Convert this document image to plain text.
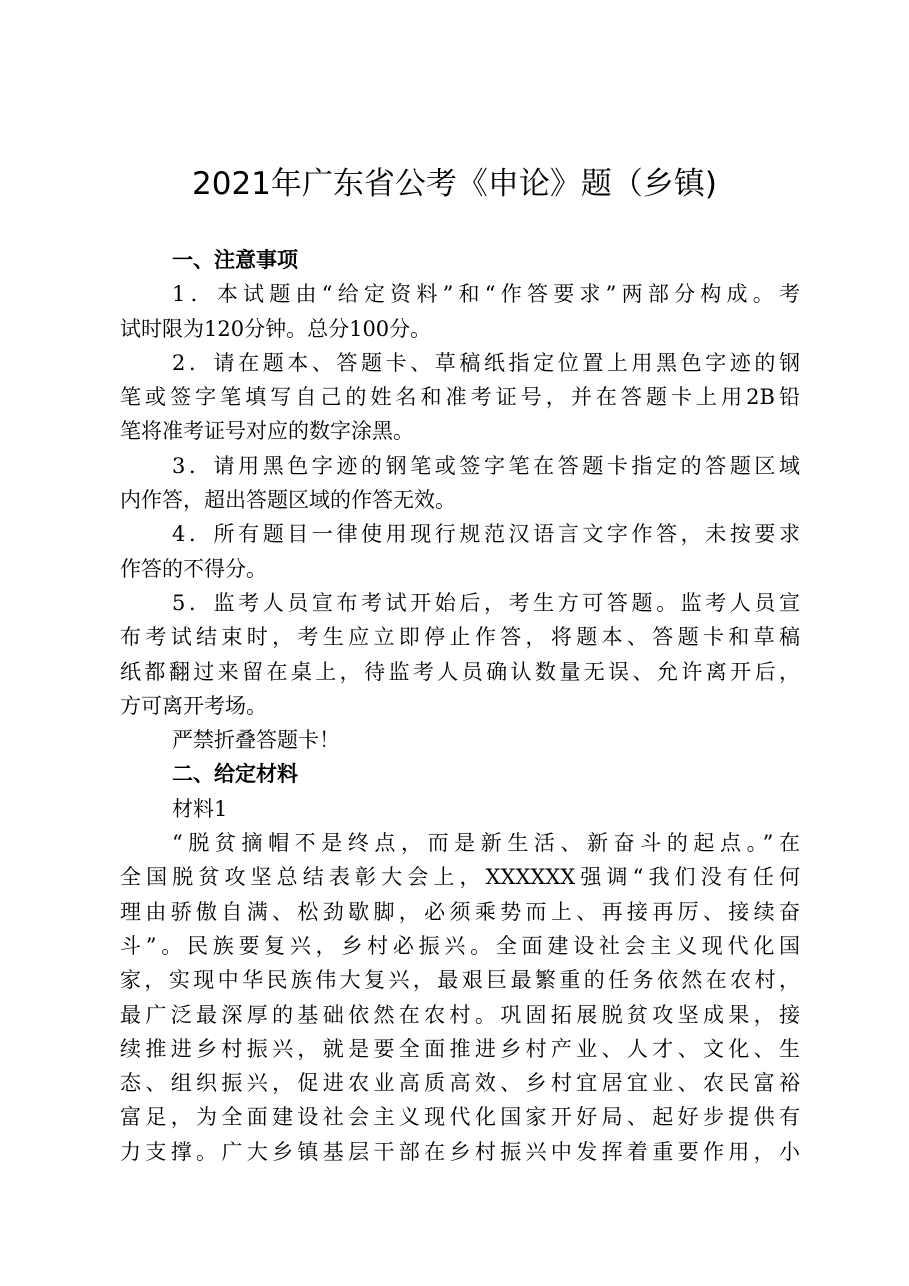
2021年广东省公考《申论》题（乡镇)
一、注意事项
1．本试题由“给定资料”和“作答要求”两部分构成。考
试时限为120分钟。总分100分。
2．请在题本、答题卡、草稿纸指定位置上用黑色字迹的钢
笔或签字笔填写自己的姓名和准考证号，并在答题卡上用2B铅
笔将准考证号对应的数字涂黑。
3．请用黑色字迹的钢笔或签字笔在答题卡指定的答题区域
内作答，超出答题区域的作答无效。
4．所有题目一律使用现行规范汉语言文字作答，未按要求
作答的不得分。
5．监考人员宣布考试开始后，考生方可答题。监考人员宣
布考试结束时，考生应立即停止作答，将题本、答题卡和草稿
纸都翻过来留在桌上，待监考人员确认数量无误、允许离开后，
方可离开考场。
严禁折叠答题卡！
二、给定材料
材料1
“脱贫摘帽不是终点，而是新生活、新奋斗的起点。”在
全国脱贫攻坚总结表彰大会上，XXXXXX强调“我们没有任何
理由骄傲自满、松劲歇脚，必须乘势而上、再接再厉、接续奋
斗”。民族要复兴，乡村必振兴。全面建设社会主义现代化国
家，实现中华民族伟大复兴，最艰巨最繁重的任务依然在农村，
最广泛最深厚的基础依然在农村。巩固拓展脱贫攻坚成果，接
续推进乡村振兴，就是要全面推进乡村产业、人才、文化、生
态、组织振兴，促进农业高质高效、乡村宜居宜业、农民富裕
富足，为全面建设社会主义现代化国家开好局、起好步提供有
力支撑。广大乡镇基层干部在乡村振兴中发挥着重要作用，小
